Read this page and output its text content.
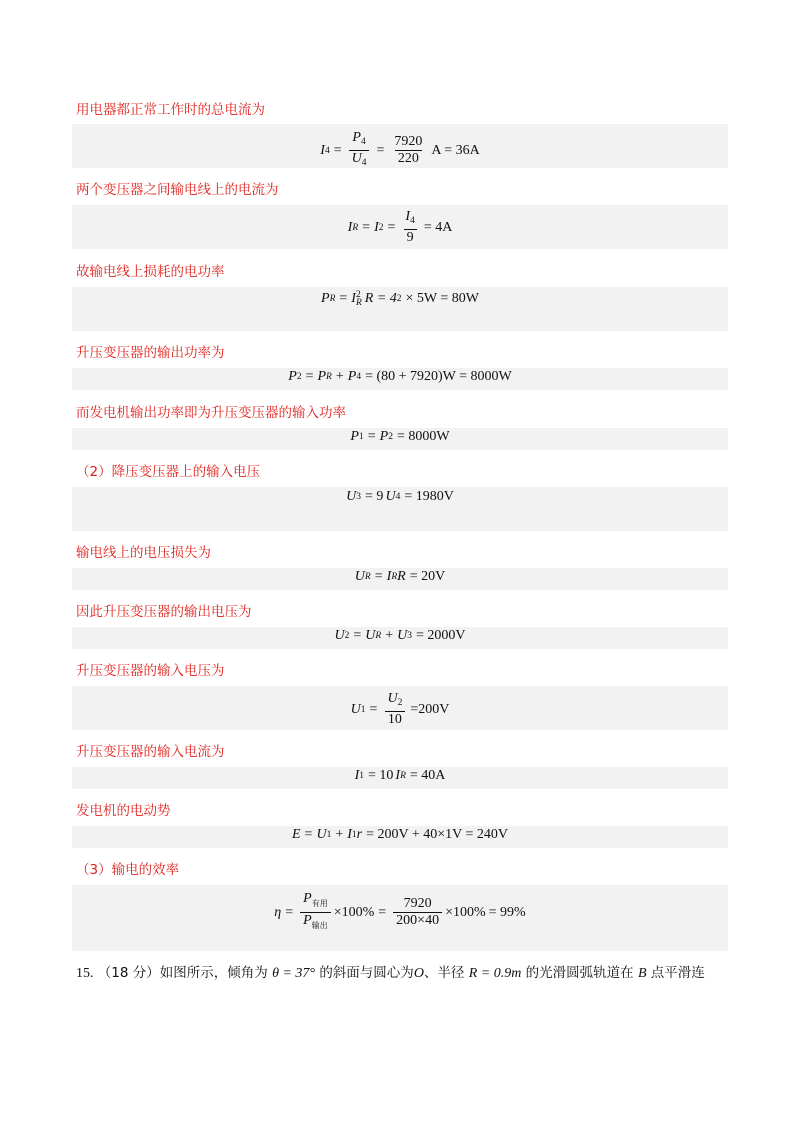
用电器都正常工作时的总电流为
I $4 = \frac{P_4}{U_4} = \frac{7920}{220}$ A = 36A
两个变压器之间输电线上的电流为
I R = I $2 = \frac{I_4}{9} = 4A$
故输电线上损耗的电功率
P R = I 2
R R = 4 2 × 5W = 80W
升压变压器的输出功率为
P 2 = P R + P 4 = (80 + 7920)W = 8000W
而发电机输出功率即为升压变压器的输入功率
P 1 = P 2 = 8000W
（2）降压变压器上的输入电压
U 3 = 9 U 4 = 1980V
输电线上的电压损失为
U R = I R R = 20V
因此升压变压器的输出电压为
U 2 = U R + U 3 = 2000V
升压变压器的输入电压为
U $1 = \frac{U_2}{10} =200V$
升压变压器的输入电流为
I 1 = 10 I R = 40A
发电机的电动势
E = U 1 + I 1 r = 200V + 40×1V = 240V
（3）输电的效率
$\eta = \frac{P_{有用}}{P_{输出}} \times 100\% = \frac{7920}{200\times 40} \times 100\% = 99\%$
15. （18 分）如图所示，倾角为 θ = 37° 的斜面与圆心为O、半径 R = 0.9m 的光滑圆弧轨道在 B 点平滑连
